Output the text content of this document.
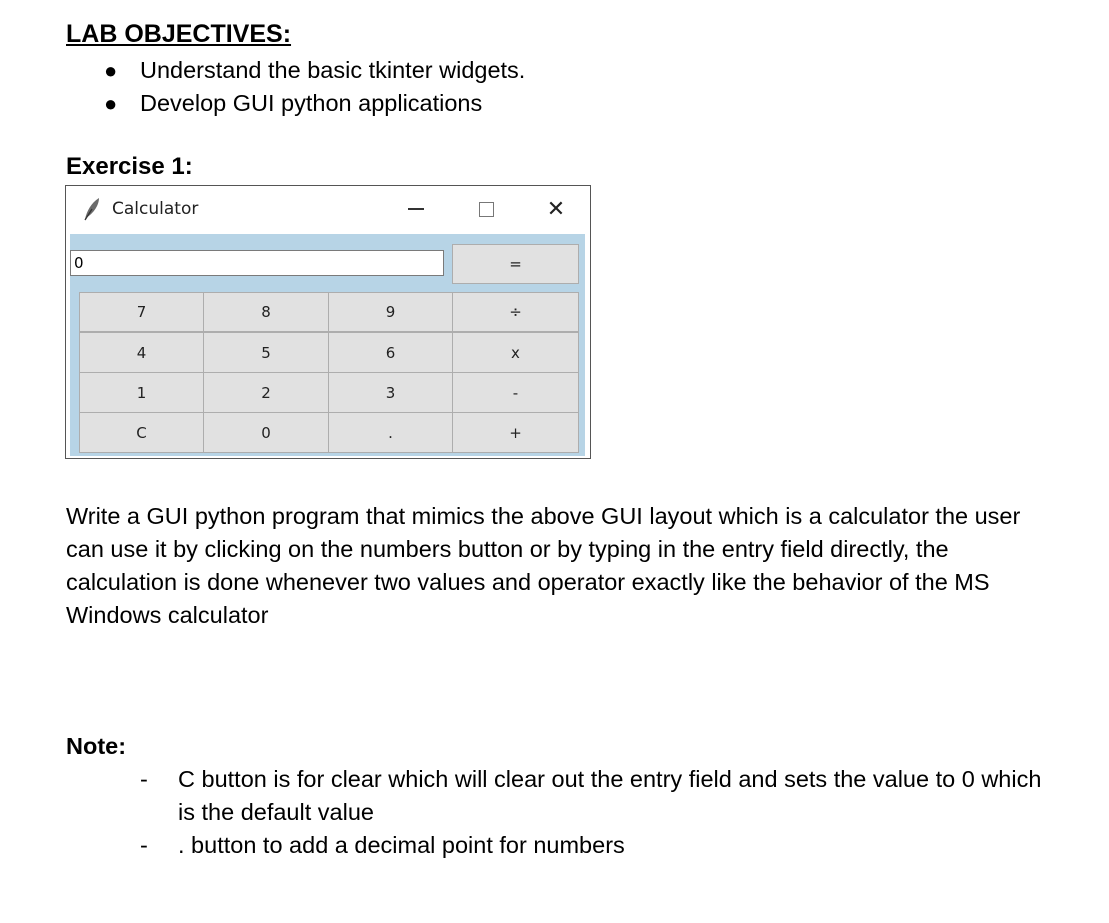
LAB OBJECTIVES:
● Understand the basic tkinter widgets.
● Develop GUI python applications
Exercise 1:
Calculator	✕
0	=
7	8	9	÷
4	5	6	x
1	2	3	-
C	0	.	+
Write a GUI python program that mimics the above GUI layout which is a calculator the user can use it by clicking on the numbers button or by typing in the entry field directly, the calculation is done whenever two values and operator exactly like the behavior of the MS Windows calculator
Note:
- C button is for clear which will clear out the entry field and sets the value to 0 which is the default value
- . button to add a decimal point for numbers
